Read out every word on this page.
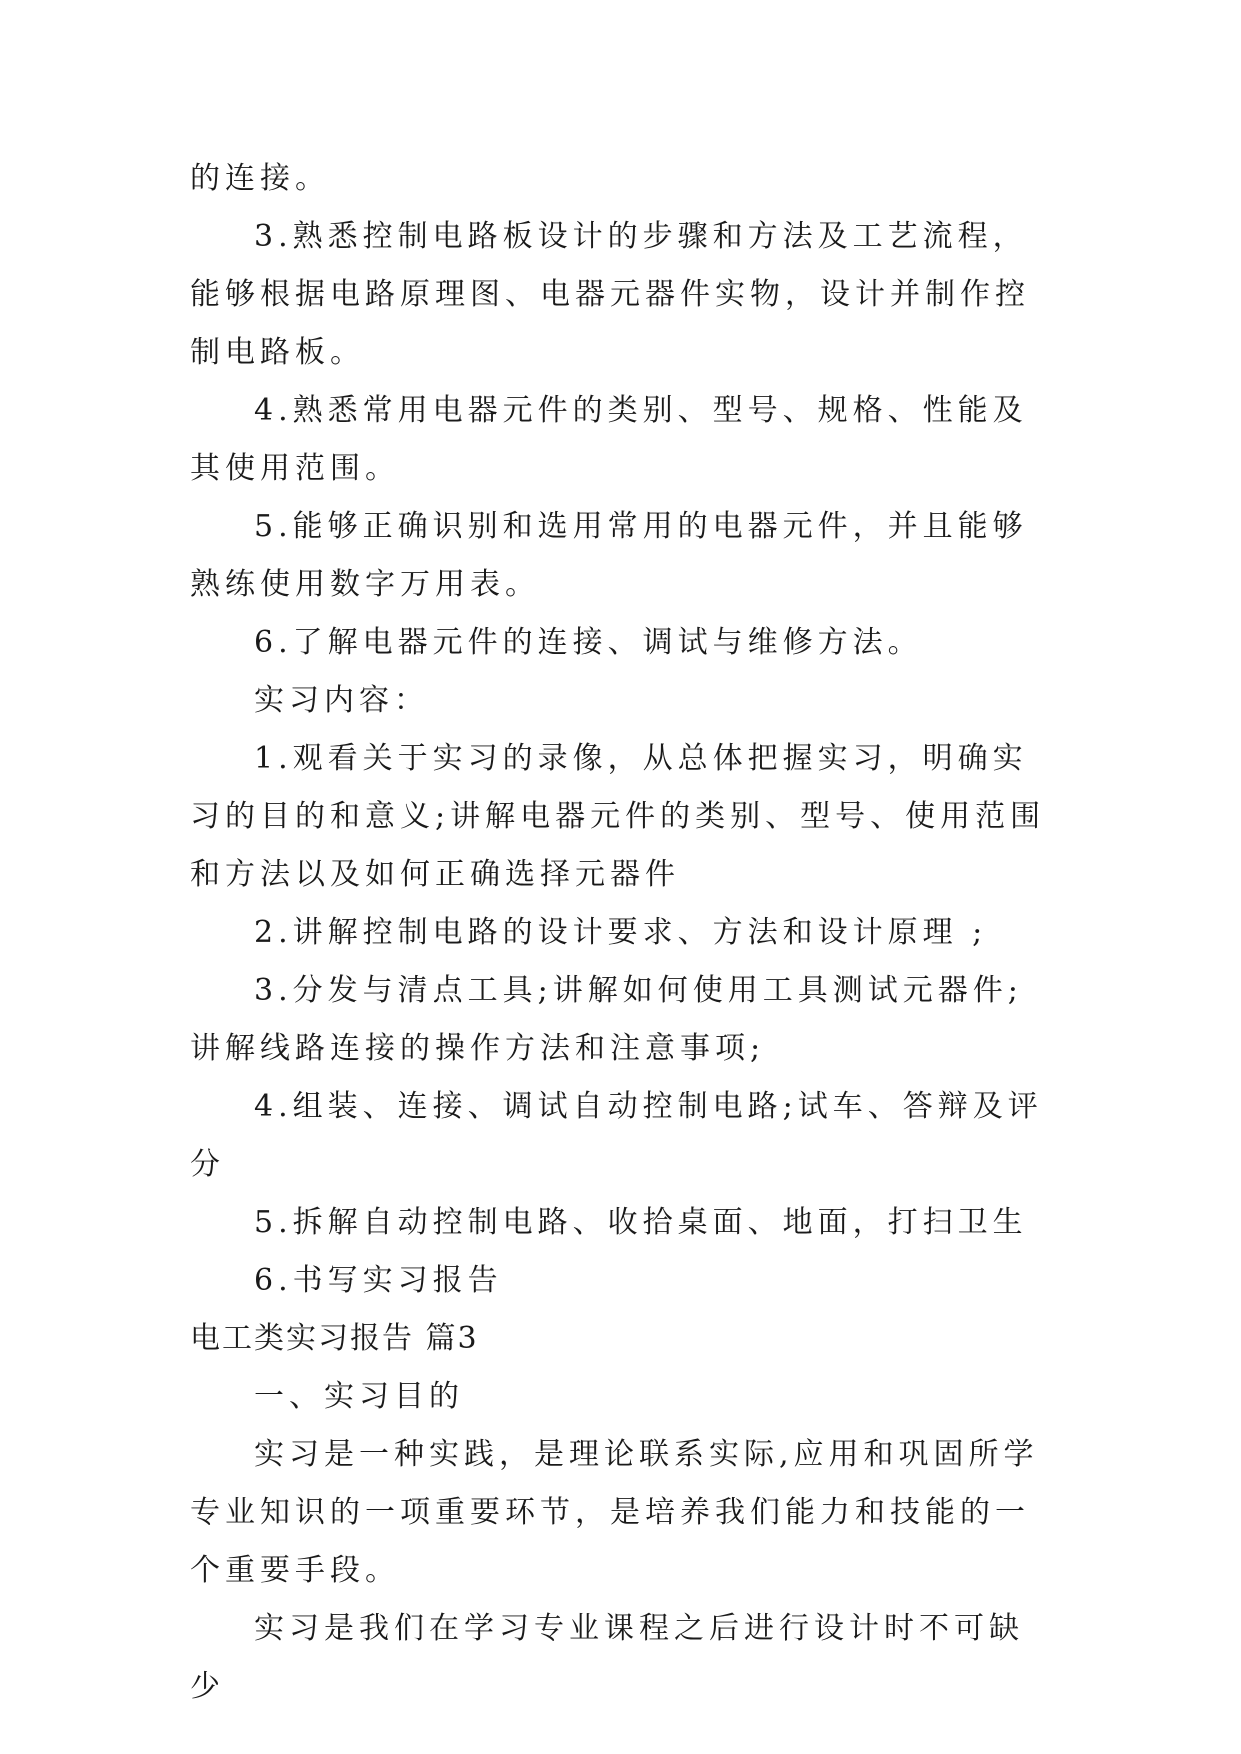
的连接。

3.熟悉控制电路板设计的步骤和方法及工艺流程，能够根据电路原理图、电器元器件实物，设计并制作控制电路板。

4.熟悉常用电器元件的类别、型号、规格、性能及其使用范围。

5.能够正确识别和选用常用的电器元件，并且能够熟练使用数字万用表。

6.了解电器元件的连接、调试与维修方法。

实习内容：

1.观看关于实习的录像，从总体把握实习，明确实习的目的和意义;讲解电器元件的类别、型号、使用范围和方法以及如何正确选择元器件

2.讲解控制电路的设计要求、方法和设计原理 ;

3.分发与清点工具;讲解如何使用工具测试元器件;讲解线路连接的操作方法和注意事项;

4.组装、连接、调试自动控制电路;试车、答辩及评分

5.拆解自动控制电路、收拾桌面、地面，打扫卫生

6.书写实习报告

电工类实习报告 篇3

一、实习目的

实习是一种实践，是理论联系实际,应用和巩固所学专业知识的一项重要环节，是培养我们能力和技能的一个重要手段。

实习是我们在学习专业课程之后进行设计时不可缺少
